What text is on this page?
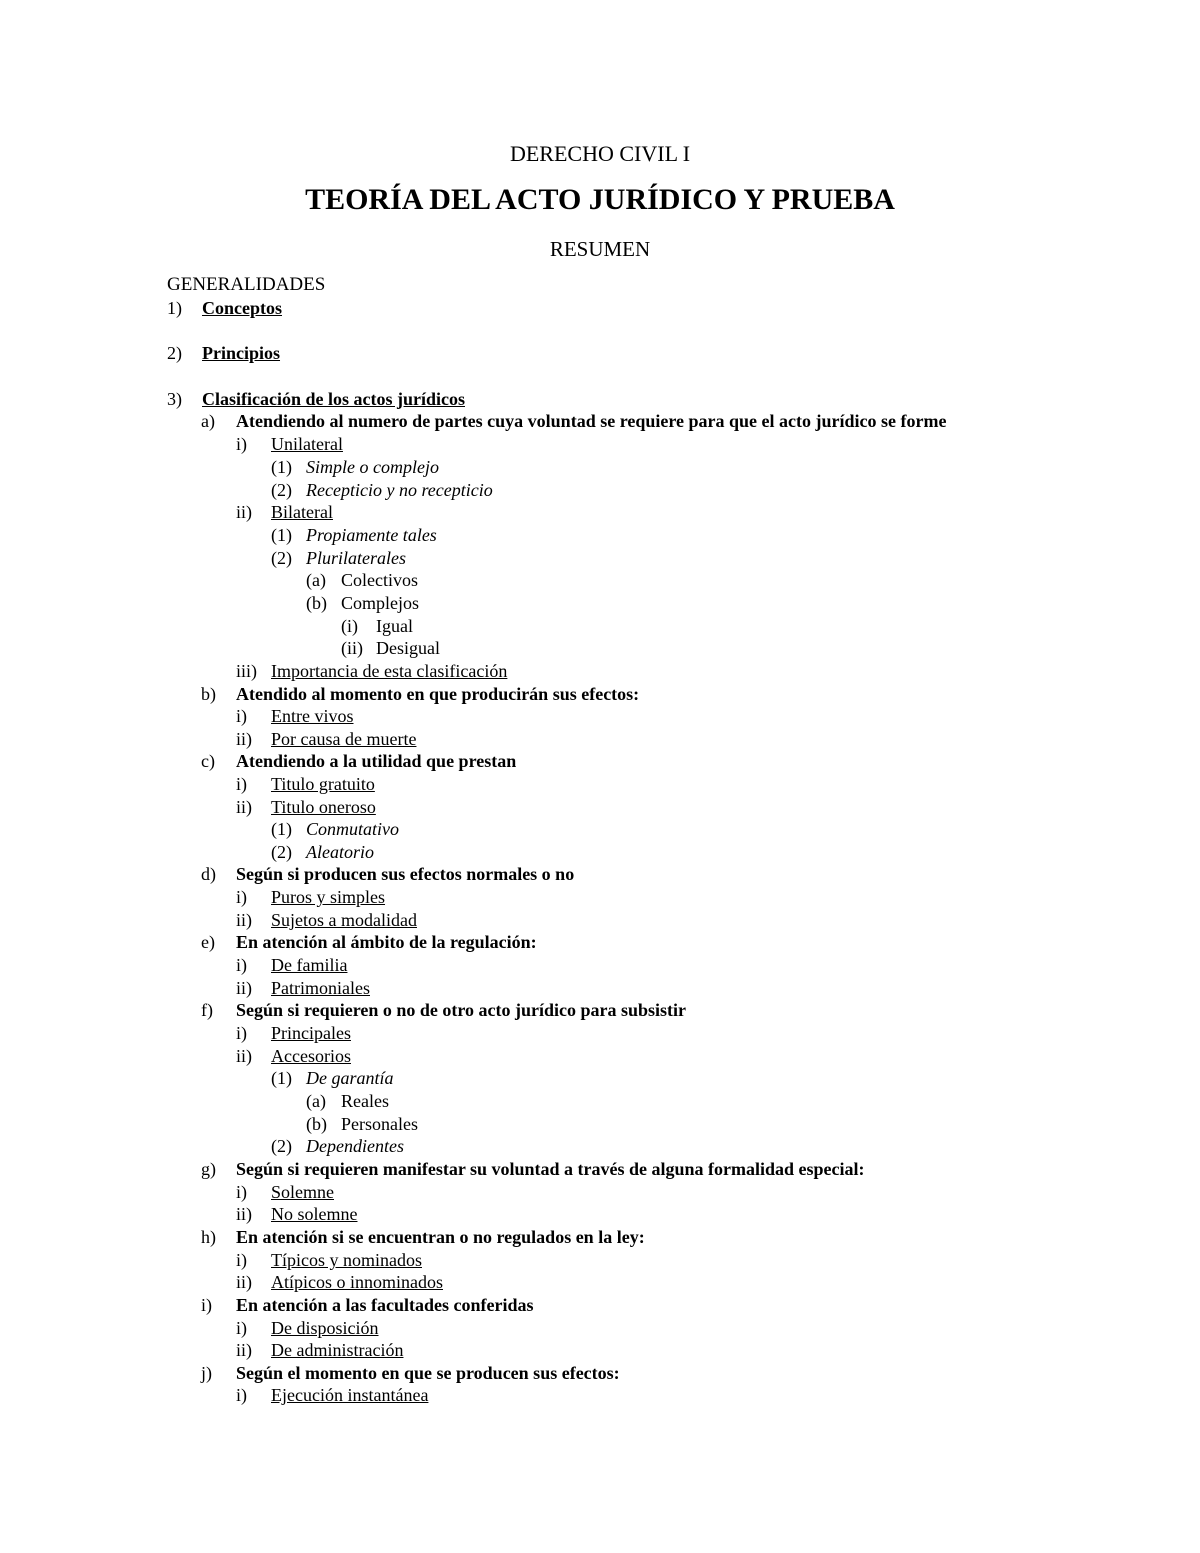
DERECHO CIVIL I
TEORÍA DEL ACTO JURÍDICO Y PRUEBA
RESUMEN
GENERALIDADES
1) Conceptos
2) Principios
3) Clasificación de los actos jurídicos
a) Atendiendo al numero de partes cuya voluntad se requiere para que el acto jurídico se forme
i) Unilateral
(1) Simple o complejo
(2) Recepticio y no recepticio
ii) Bilateral
(1) Propiamente tales
(2) Plurilaterales
(a) Colectivos
(b) Complejos
(i) Igual
(ii) Desigual
iii) Importancia de esta clasificación
b) Atendido al momento en que producirán sus efectos:
i) Entre vivos
ii) Por causa de muerte
c) Atendiendo a la utilidad que prestan
i) Titulo gratuito
ii) Titulo oneroso
(1) Conmutativo
(2) Aleatorio
d) Según si producen sus efectos normales o no
i) Puros y simples
ii) Sujetos a modalidad
e) En atención al ámbito de la regulación:
i) De familia
ii) Patrimoniales
f) Según si requieren o no de otro acto jurídico para subsistir
i) Principales
ii) Accesorios
(1) De garantía
(a) Reales
(b) Personales
(2) Dependientes
g) Según si requieren manifestar su voluntad a través de alguna formalidad especial:
i) Solemne
ii) No solemne
h) En atención si se encuentran o no regulados en la ley:
i) Típicos y nominados
ii) Atípicos o innominados
i) En atención a las facultades conferidas
i) De disposición
ii) De administración
j) Según el momento en que se producen sus efectos:
i) Ejecución instantánea
